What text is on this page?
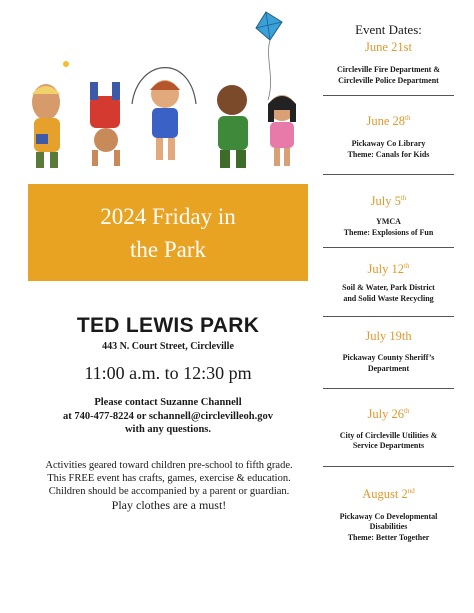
2024 Friday in
the Park
TED LEWIS PARK
443 N. Court Street, Circleville
11:00 a.m. to 12:30 pm
Please contact Suzanne Channell
at 740-477-8224 or schannell@circlevilleoh.gov
with any questions.
Activities geared toward children pre-school to fifth grade.
This FREE event has crafts, games, exercise & education.
Children should be accompanied by a parent or guardian.
Play clothes are a must!
Event Dates:
June 21st
Circleville Fire Department &
Circleville Police Department
June 28th
Pickaway Co Library
Theme: Canals for Kids
July 5th
YMCA
Theme: Explosions of Fun
July 12th
Soil & Water, Park District
and Solid Waste Recycling
July 19th
Pickaway County Sheriff’s
Department
July 26th
City of Circleville Utilities &
Service Departments
August 2nd
Pickaway Co Developmental
Disabilities
Theme: Better Together
